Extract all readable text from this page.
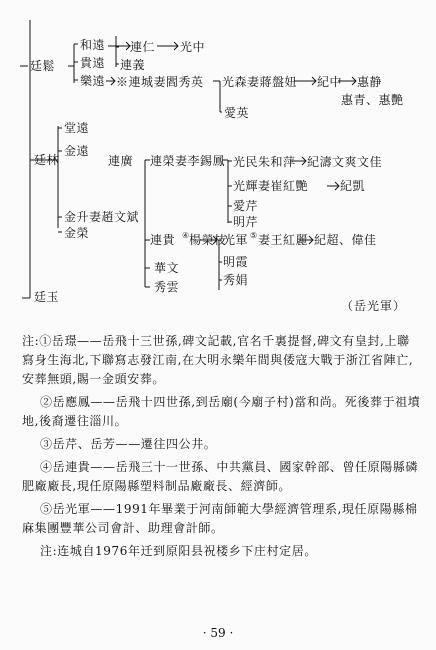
和遠
貴遠
樂遠
連仁 光中
連義
※連城妻閻秀英 光森妻蔣盤妞 紀中 惠静
惠青、惠艷
愛英
廷鬆
堂遠
金遠
連廣 連榮妻李錫鳳 光民朱和萍 紀濤文爽文佳
光輝妻崔紅艷	紀凱
愛芹
明芹
廷林
金升妻趙文斌
金榮	連貴 ④ 楊榮枝
光軍 ⑤ 妻王紅麗 紀超、偉佳
明霞
秀娟
華文
秀雲
廷玉
（岳光軍）

注:①岳璟——岳飛十三世孫,碑文記載,官名千裏提督,碑文有皇封,上聯寫身生海北,下聯寫志發江南,在大明永樂年間與倭寇大戰于浙江省陣亡,安葬無頭,賜一金頭安葬。

②岳應鳳——岳飛十四世孫,到岳廟(今廟子村)當和尚。死後葬于祖墳地,後裔遷往淄川。

③岳芹、岳芳——遷往四公井。

④岳連貴——岳飛三十一世孫、中共黨員、國家幹部、曾任原陽縣磷肥廠廠長,現任原陽縣塑料制品廠廠長、經濟師。

⑤岳光軍——1991年畢業于河南師範大學經濟管理系,現任原陽縣棉麻集團豐華公司會計、助理會計師。

注:连城自1976年迁到原阳县祝楼乡下庄村定居。

· 59 ·
